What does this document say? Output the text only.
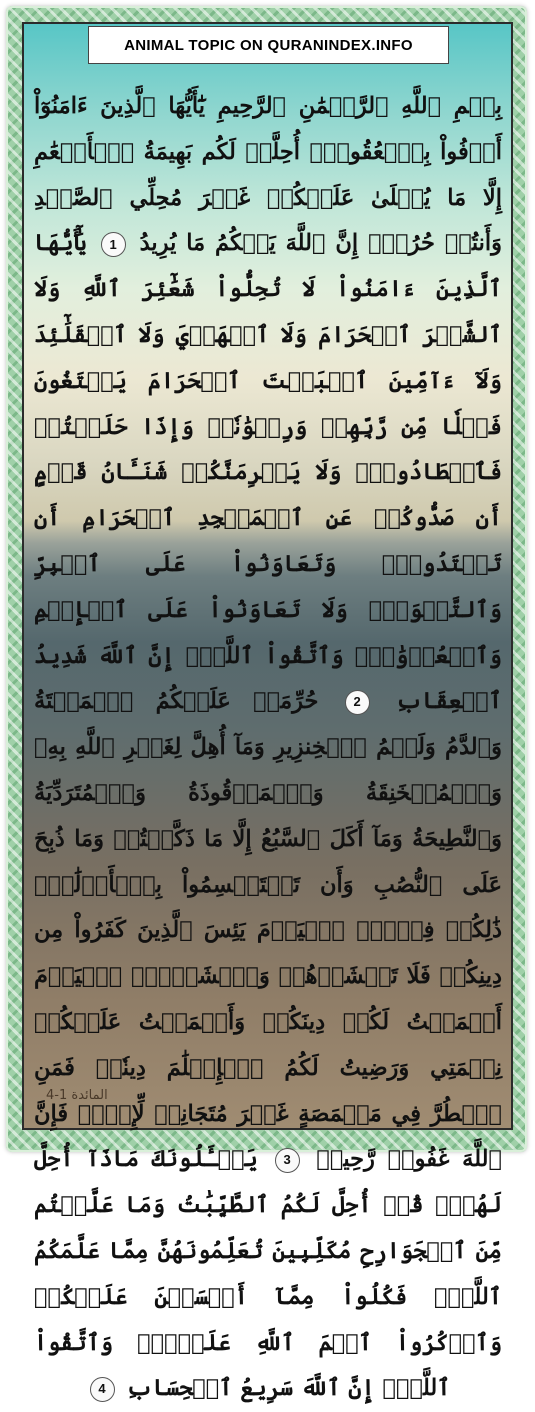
ANIMAL TOPIC ON QURANINDEX.INFO
بِسۡمِ ٱللَّهِ ٱلرَّحۡمَٰنِ ٱلرَّحِيمِ يَٰٓأَيُّهَا ٱلَّذِينَ ءَامَنُوٓاْ أَوۡفُواْ بِٱلۡعُقُودِۚ أُحِلَّتۡ لَكُم بَهِيمَةُ ٱلۡأَنۡعَٰمِ إِلَّا مَا يُتۡلَىٰ عَلَيۡكُمۡ غَيۡرَ مُحِلِّي ٱلصَّيۡدِ وَأَنتُمۡ حُرُمٌۗ إِنَّ ٱللَّهَ يَحۡكُمُ مَا يُرِيدُ 1 يَٰٓأَيُّهَا ٱلَّذِينَ ءَامَنُواْ لَا تُحِلُّواْ شَعَٰٓئِرَ ٱللَّهِ وَلَا ٱلشَّهۡرَ ٱلۡحَرَامَ وَلَا ٱلۡهَدۡيَ وَلَا ٱلۡقَلَٰٓئِدَ وَلَآ ءَآمِّينَ ٱلۡبَيۡتَ ٱلۡحَرَامَ يَبۡتَغُونَ فَضۡلٗا مِّن رَّبِّهِمۡ وَرِضۡوَٰنٗاۚ وَإِذَا حَلَلۡتُمۡ فَٱصۡطَادُواْۚ وَلَا يَجۡرِمَنَّكُمۡ شَنَـَٔانُ قَوۡمٍ أَن صَدُّوكُمۡ عَنِ ٱلۡمَسۡجِدِ ٱلۡحَرَامِ أَن تَعۡتَدُواْۘ وَتَعَاوَنُواْ عَلَى ٱلۡبِرِّ وَٱلتَّقۡوَىٰۖ وَلَا تَعَاوَنُواْ عَلَى ٱلۡإِثۡمِ وَٱلۡعُدۡوَٰنِۚ وَٱتَّقُواْ ٱللَّهَۖ إِنَّ ٱللَّهَ شَدِيدُ ٱلۡعِقَابِ 2 حُرِّمَتۡ عَلَيۡكُمُ ٱلۡمَيۡتَةُ وَٱلدَّمُ وَلَحۡمُ ٱلۡخِنزِيرِ وَمَآ أُهِلَّ لِغَيۡرِ ٱللَّهِ بِهِۦ وَٱلۡمُنۡخَنِقَةُ وَٱلۡمَوۡقُوذَةُ وَٱلۡمُتَرَدِّيَةُ وَٱلنَّطِيحَةُ وَمَآ أَكَلَ ٱلسَّبُعُ إِلَّا مَا ذَكَّيۡتُمۡ وَمَا ذُبِحَ عَلَى ٱلنُّصُبِ وَأَن تَسۡتَقۡسِمُواْ بِٱلۡأَزۡلَٰمِۚ ذَٰلِكُمۡ فِسۡقٌۗ ٱلۡيَوۡمَ يَئِسَ ٱلَّذِينَ كَفَرُواْ مِن دِينِكُمۡ فَلَا تَخۡشَوۡهُمۡ وَٱخۡشَوۡنِۚ ٱلۡيَوۡمَ أَكۡمَلۡتُ لَكُمۡ دِينَكُمۡ وَأَتۡمَمۡتُ عَلَيۡكُمۡ نِعۡمَتِي وَرَضِيتُ لَكُمُ ٱلۡإِسۡلَٰمَ دِينٗاۚ فَمَنِ ٱضۡطُرَّ فِي مَخۡمَصَةٍ غَيۡرَ مُتَجَانِفٖ لِّإِثۡمٖ فَإِنَّ ٱللَّهَ غَفُورٞ رَّحِيمٞ 3 يَسۡـَٔلُونَكَ مَاذَآ أُحِلَّ لَهُمۡۖ قُلۡ أُحِلَّ لَكُمُ ٱلطَّيِّبَٰتُ وَمَا عَلَّمۡتُم مِّنَ ٱلۡجَوَارِحِ مُكَلِّبِينَ تُعَلِّمُونَهُنَّ مِمَّا عَلَّمَكُمُ ٱللَّهُۖ فَكُلُواْ مِمَّآ أَمۡسَكۡنَ عَلَيۡكُمۡ وَٱذۡكُرُواْ ٱسۡمَ ٱللَّهِ عَلَيۡهِۖ وَٱتَّقُواْ ٱللَّهَۚ إِنَّ ٱللَّهَ سَرِيعُ ٱلۡحِسَابِ 4
المائدة 1-4
